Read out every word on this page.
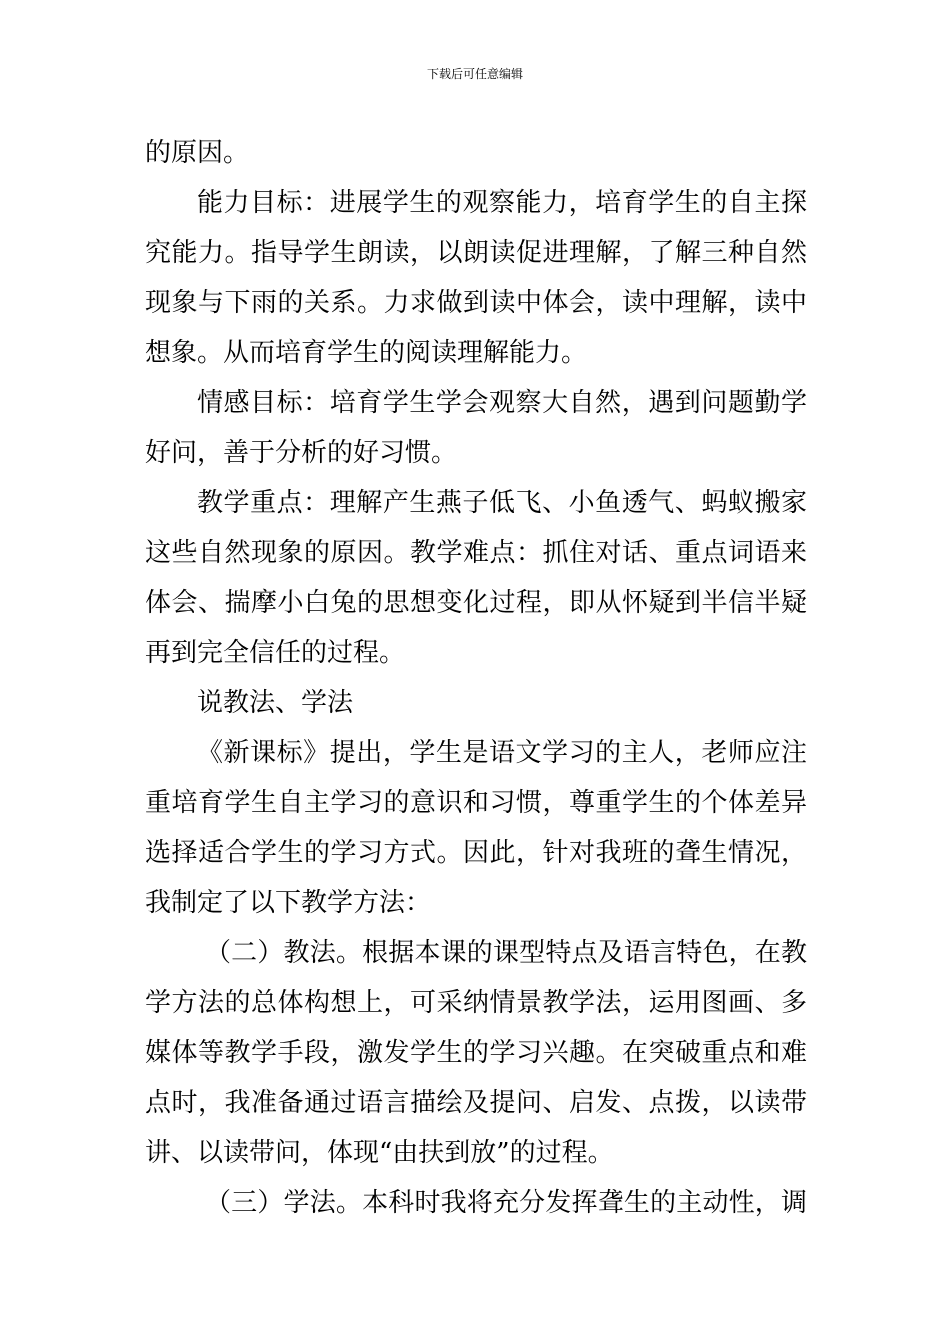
下载后可任意编辑
的原因。
能力目标：进展学生的观察能力，培育学生的自主探
究能力。指导学生朗读，以朗读促进理解，了解三种自然
现象与下雨的关系。力求做到读中体会，读中理解，读中
想象。从而培育学生的阅读理解能力。
情感目标：培育学生学会观察大自然，遇到问题勤学
好问，善于分析的好习惯。
教学重点：理解产生燕子低飞、小鱼透气、蚂蚁搬家
这些自然现象的原因。教学难点：抓住对话、重点词语来
体会、揣摩小白兔的思想变化过程，即从怀疑到半信半疑
再到完全信任的过程。
说教法、学法
《新课标》提出，学生是语文学习的主人，老师应注
重培育学生自主学习的意识和习惯，尊重学生的个体差异
选择适合学生的学习方式。因此，针对我班的聋生情况，
我制定了以下教学方法：
（二）教法。根据本课的课型特点及语言特色，在教
学方法的总体构想上，可采纳情景教学法，运用图画、多
媒体等教学手段，激发学生的学习兴趣。在突破重点和难
点时，我准备通过语言描绘及提问、启发、点拨，以读带
讲、以读带问，体现“由扶到放”的过程。
（三）学法。本科时我将充分发挥聋生的主动性，调
